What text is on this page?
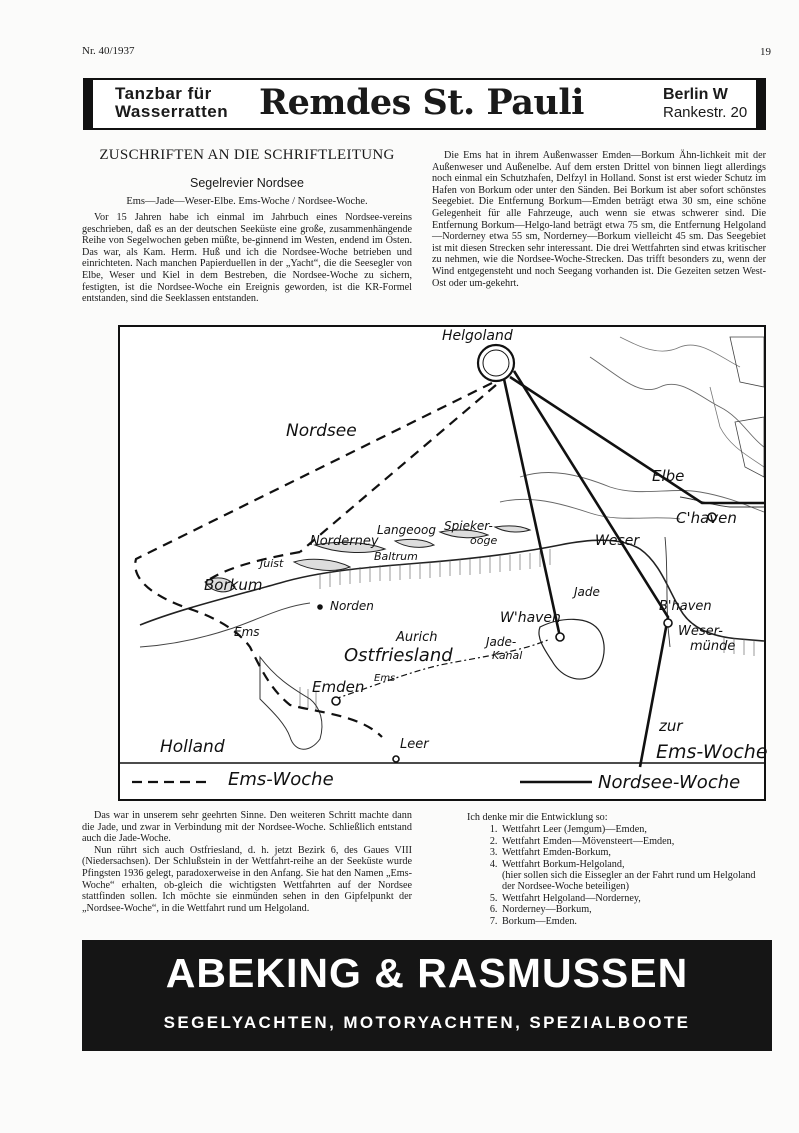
Nr. 40/1937	19
Tanzbar für
Wasserratten Remdes St. Pauli	Berlin W
Rankestr. 20
ZUSCHRIFTEN AN DIE SCHRIFTLEITUNG
Segelrevier Nordsee
Ems—Jade—Weser-Elbe. Ems-Woche / Nordsee-Woche.

Vor 15 Jahren habe ich einmal im Jahrbuch eines Nordsee-vereins geschrieben, daß es an der deutschen Seeküste eine große, zusammenhängende Reihe von Segelwochen geben müßte, be-ginnend im Westen, endend im Osten. Das war, als Kam. Herm. Huß und ich die Nordsee-Woche betrieben und einrichteten. Nach manchen Papierduellen in der „Yacht“, die die Seesegler von Elbe, Weser und Kiel in dem Bestreben, die Nordsee-Woche zu sichern, festigten, ist die Nordsee-Woche ein Ereignis geworden, ist die KR-Formel entstanden, sind die Seeklassen entstanden.

Die Ems hat in ihrem Außenwasser Emden—Borkum Ähn-lichkeit mit der Außenweser und Außenelbe. Auf dem ersten Drittel von binnen liegt allerdings noch einmal ein Schutzhafen, Delfzyl in Holland. Sonst ist erst wieder Schutz im Hafen von Borkum oder unter den Sänden. Bei Borkum ist aber sofort schönstes Seegebiet. Die Entfernung Borkum—Emden beträgt etwa 30 sm, eine schöne Gelegenheit für alle Fahrzeuge, auch wenn sie etwas schwerer sind. Die Entfernung Borkum—Helgo-land beträgt etwa 75 sm, die Entfernung Helgoland—Norderney etwa 55 sm, Norderney—Borkum vielleicht 45 sm. Das Seegebiet ist mit diesen Strecken sehr interessant. Die drei Wettfahrten sind etwas kritischer zu nehmen, wie die Nordsee-Woche-Strecken. Das trifft besonders zu, wenn der Wind entgegensteht und noch Seegang vorhanden ist. Die Gezeiten setzen West-Ost oder um-gekehrt.

Helgoland
Nordsee
Elbe
C'haven
Langeoog Spieker-
ooge
Norderney
Baltrum
Juist
Borkum
Weser
Jade
B'haven
Weser-
münde
W'haven
Norden
Aurich
Ostfriesland
Jade-
Kanal
Ems
Ems
Emden
Leer
Holland
zur
Ems-Woche
Ems-Woche	Nordsee-Woche

Das war in unserem sehr geehrten Sinne. Den weiteren Schritt machte dann die Jade, und zwar in Verbindung mit der Nordsee-Woche. Schließlich entstand auch die Jade-Woche.

Nun rührt sich auch Ostfriesland, d. h. jetzt Bezirk 6, des Gaues VIII (Niedersachsen). Der Schlußstein in der Wettfahrt-reihe an der Seeküste wurde Pfingsten 1936 gelegt, paradoxerweise in den Anfang. Sie hat den Namen „Ems-Woche“ erhalten, ob-gleich die wichtigsten Wettfahrten auf der Nordsee stattfinden sollen. Ich möchte sie einmünden sehen in den Gipfelpunkt der „Nordsee-Woche“, in die Wettfahrt rund um Helgoland.

Ich denke mir die Entwicklung so:
1. Wettfahrt Leer (Jemgum)—Emden,
2. Wettfahrt Emden—Mövensteert—Emden,
3. Wettfahrt Emden-Borkum,
4. Wettfahrt Borkum-Helgoland,
(hier sollen sich die Eissegler an der Fahrt rund um Helgoland der Nordsee-Woche beteiligen)
5. Wettfahrt Helgoland—Norderney,
6. Norderney—Borkum,
7. Borkum—Emden.
ABEKING & RASMUSSEN
SEGELYACHTEN, MOTORYACHTEN, SPEZIALBOOTE
